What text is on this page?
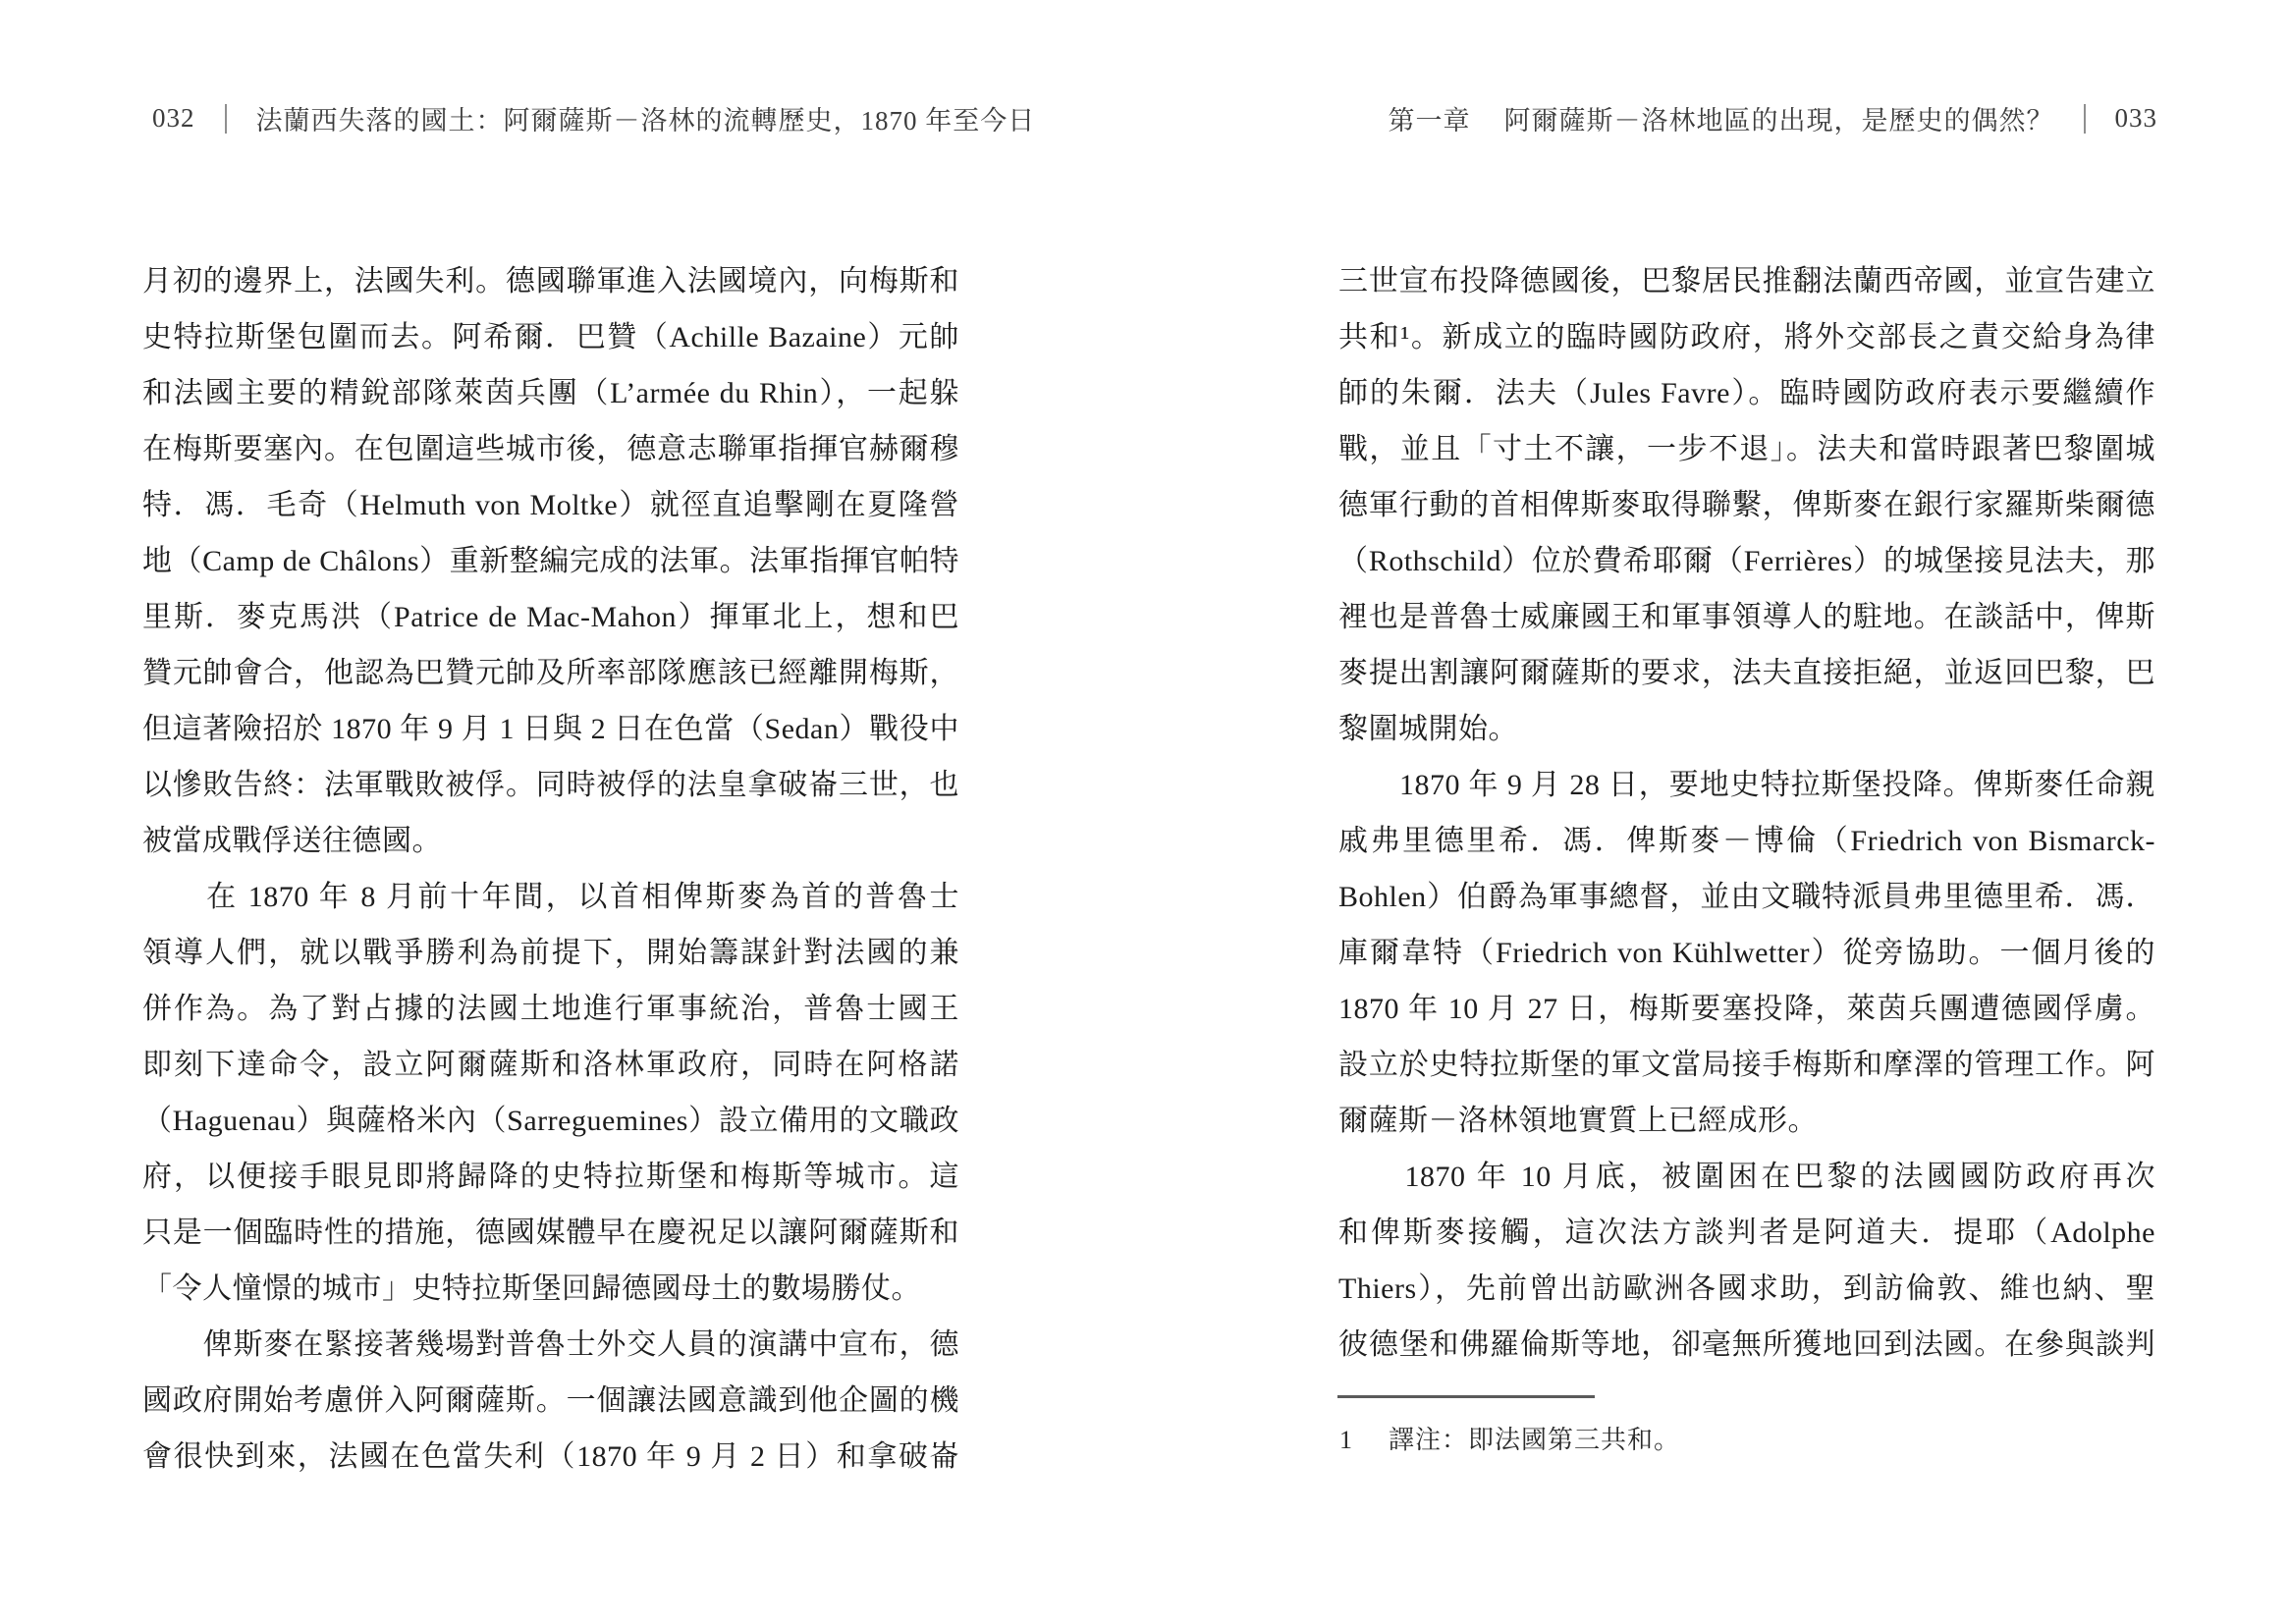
032 法蘭西失落的國土：阿爾薩斯－洛林的流轉歷史，1870 年至今日	第一章 阿爾薩斯－洛林地區的出現，是歷史的偶然？ 033
月初的邊界上，法國失利。德國聯軍進入法國境內，向梅斯和
史特拉斯堡包圍而去。阿希爾．巴贊（Achille Bazaine）元帥
和法國主要的精銳部隊萊茵兵團（L’armée du Rhin），一起躲
在梅斯要塞內。在包圍這些城市後，德意志聯軍指揮官赫爾穆
特．馮．毛奇（Helmuth von Moltke）就徑直追擊剛在夏隆營
地（Camp de Châlons）重新整編完成的法軍。法軍指揮官帕特
里斯．麥克馬洪（Patrice de Mac-Mahon）揮軍北上，想和巴
贊元帥會合，他認為巴贊元帥及所率部隊應該已經離開梅斯，
但這著險招於 1870 年 9 月 1 日與 2 日在色當（Sedan）戰役中
以慘敗告終：法軍戰敗被俘。同時被俘的法皇拿破崙三世，也
被當成戰俘送往德國。
　　在 1870 年 8 月前十年間，以首相俾斯麥為首的普魯士
領導人們，就以戰爭勝利為前提下，開始籌謀針對法國的兼
併作為。為了對占據的法國土地進行軍事統治，普魯士國王
即刻下達命令，設立阿爾薩斯和洛林軍政府，同時在阿格諾
（Haguenau）與薩格米內（Sarreguemines）設立備用的文職政
府，以便接手眼見即將歸降的史特拉斯堡和梅斯等城市。這
只是一個臨時性的措施，德國媒體早在慶祝足以讓阿爾薩斯和
「令人憧憬的城市」史特拉斯堡回歸德國母土的數場勝仗。
　　俾斯麥在緊接著幾場對普魯士外交人員的演講中宣布，德
國政府開始考慮併入阿爾薩斯。一個讓法國意識到他企圖的機
會很快到來，法國在色當失利（1870 年 9 月 2 日）和拿破崙
三世宣布投降德國後，巴黎居民推翻法蘭西帝國，並宣告建立
共和¹。新成立的臨時國防政府，將外交部長之責交給身為律
師的朱爾．法夫（Jules Favre）。臨時國防政府表示要繼續作
戰，並且「寸土不讓，一步不退」。法夫和當時跟著巴黎圍城
德軍行動的首相俾斯麥取得聯繫，俾斯麥在銀行家羅斯柴爾德
（Rothschild）位於費希耶爾（Ferrières）的城堡接見法夫，那
裡也是普魯士威廉國王和軍事領導人的駐地。在談話中，俾斯
麥提出割讓阿爾薩斯的要求，法夫直接拒絕，並返回巴黎，巴
黎圍城開始。
　　1870 年 9 月 28 日，要地史特拉斯堡投降。俾斯麥任命親
戚弗里德里希．馮．俾斯麥－博倫（Friedrich von Bismarck-
Bohlen）伯爵為軍事總督，並由文職特派員弗里德里希．馮．
庫爾韋特（Friedrich von Kühlwetter）從旁協助。一個月後的
1870 年 10 月 27 日，梅斯要塞投降，萊茵兵團遭德國俘虜。
設立於史特拉斯堡的軍文當局接手梅斯和摩澤的管理工作。阿
爾薩斯－洛林領地實質上已經成形。
　　1870 年 10 月底，被圍困在巴黎的法國國防政府再次
和俾斯麥接觸，這次法方談判者是阿道夫．提耶（Adolphe
Thiers），先前曾出訪歐洲各國求助，到訪倫敦、維也納、聖
彼德堡和佛羅倫斯等地，卻毫無所獲地回到法國。在參與談判
1 譯注：即法國第三共和。
